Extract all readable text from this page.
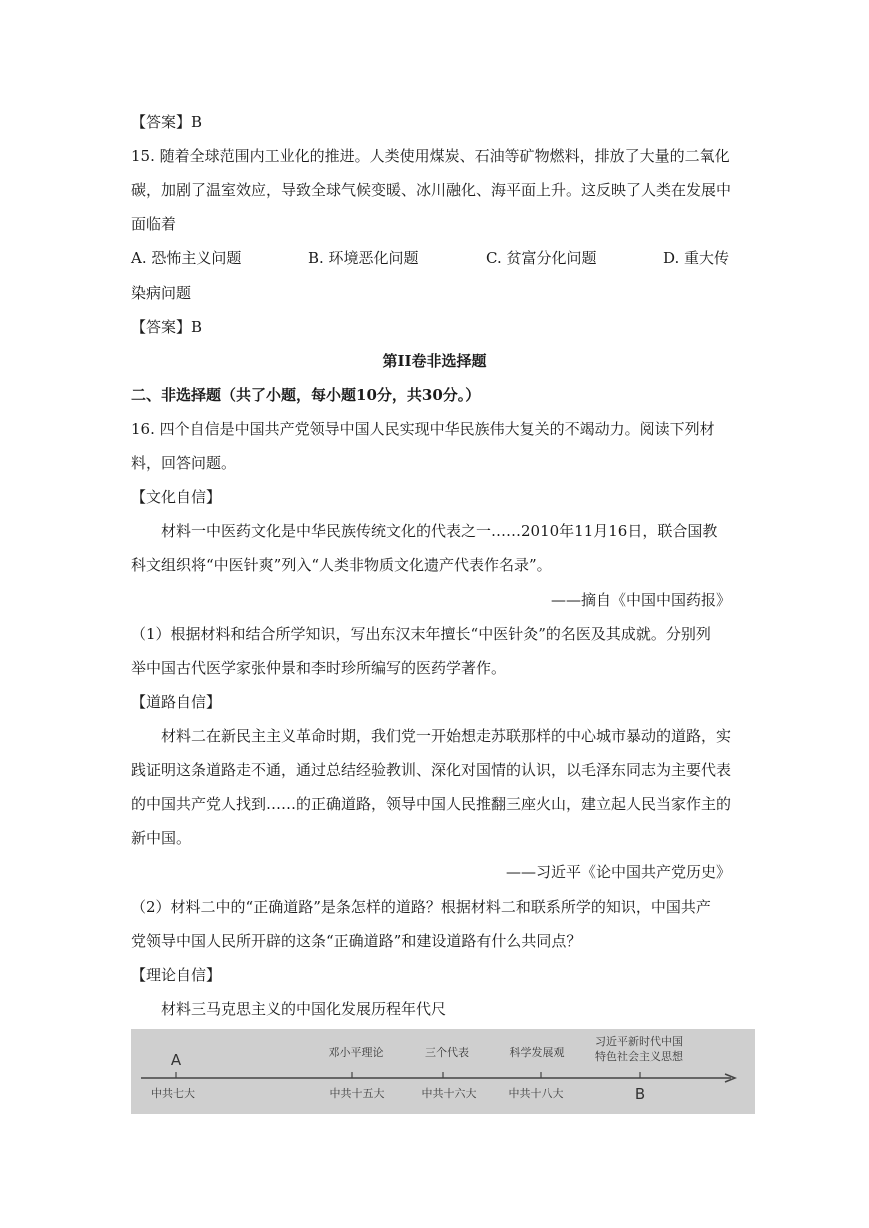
【答案】B
15. 随着全球范围内工业化的推进。人类使用煤炭、石油等矿物燃料，排放了大量的二氧化
碳，加剧了温室效应，导致全球气候变暖、冰川融化、海平面上升。这反映了人类在发展中
面临着
A. 恐怖主义问题	B. 环境恶化问题	C. 贫富分化问题	D. 重大传
染病问题
【答案】B
第II卷非选择题
二、非选择题（共了小题，每小题10分，共30分。）
16. 四个自信是中国共产党领导中国人民实现中华民族伟大复关的不竭动力。阅读下列材
料，回答问题。
【文化自信】
材料一中医药文化是中华民族传统文化的代表之一……2010年11月16日，联合国教
科文组织将“中医针爽”列入“人类非物质文化遗产代表作名录”。
——摘自《中国中国药报》
（1）根据材料和结合所学知识，写出东汉末年擅长“中医针灸”的名医及其成就。分别列
举中国古代医学家张仲景和李时珍所编写的医药学著作。
【道路自信】
材料二在新民主主义革命时期，我们党一开始想走苏联那样的中心城市暴动的道路，实
践证明这条道路走不通，通过总结经验教训、深化对国情的认识，以毛泽东同志为主要代表
的中国共产党人找到……的正确道路，领导中国人民推翻三座火山，建立起人民当家作主的
新中国。
——习近平《论中国共产党历史》
（2）材料二中的“正确道路”是条怎样的道路？根据材料二和联系所学的知识，中国共产
党领导中国人民所开辟的这条“正确道路”和建设道路有什么共同点？
【理论自信】
材料三马克思主义的中国化发展历程年代尺
A
B
邓小平理论	三个代表	科学发展观
习近平新时代中国
特色社会主义思想
中共七大	中共十五大	中共十六大	中共十八大
